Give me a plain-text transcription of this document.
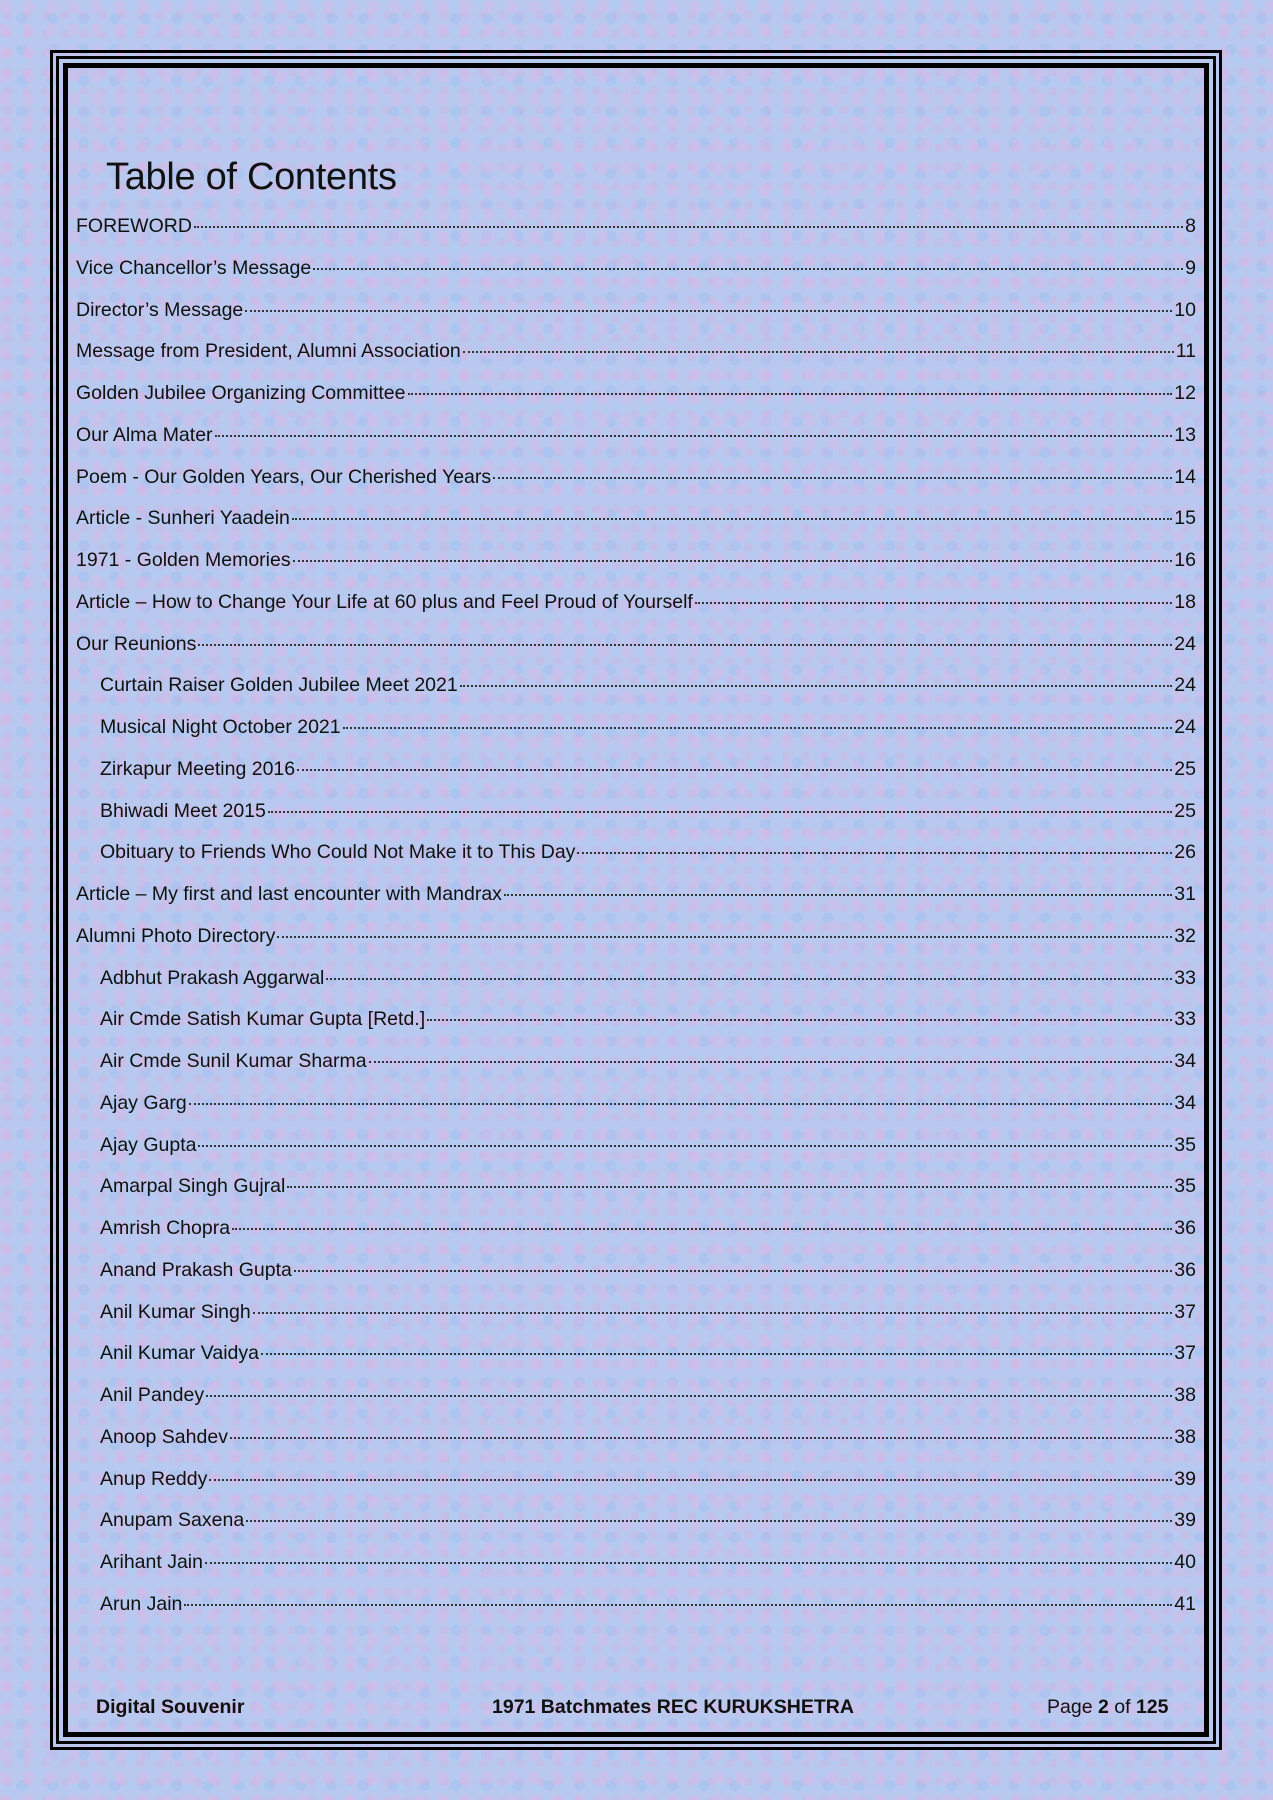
Table of Contents
FOREWORD	8
Vice Chancellor’s Message	9
Director’s Message	10
Message from President, Alumni Association	11
Golden Jubilee Organizing Committee	12
Our Alma Mater	13
Poem - Our Golden Years, Our Cherished Years	14
Article - Sunheri Yaadein	15
1971 - Golden Memories	16
Article – How to Change Your Life at 60 plus and Feel Proud of Yourself	18
Our Reunions	24
Curtain Raiser Golden Jubilee Meet 2021	24
Musical Night October 2021	24
Zirkapur Meeting 2016	25
Bhiwadi Meet 2015	25
Obituary to Friends Who Could Not Make it to This Day	26
Article – My first and last encounter with Mandrax	31
Alumni Photo Directory	32
Adbhut Prakash Aggarwal	33
Air Cmde Satish Kumar Gupta [Retd.]	33
Air Cmde Sunil Kumar Sharma	34
Ajay Garg	34
Ajay Gupta	35
Amarpal Singh Gujral	35
Amrish Chopra	36
Anand Prakash Gupta	36
Anil Kumar Singh	37
Anil Kumar Vaidya	37
Anil Pandey	38
Anoop Sahdev	38
Anup Reddy	39
Anupam Saxena	39
Arihant Jain	40
Arun Jain	41
Digital Souvenir	1971 Batchmates REC KURUKSHETRA	Page 2 of 125
